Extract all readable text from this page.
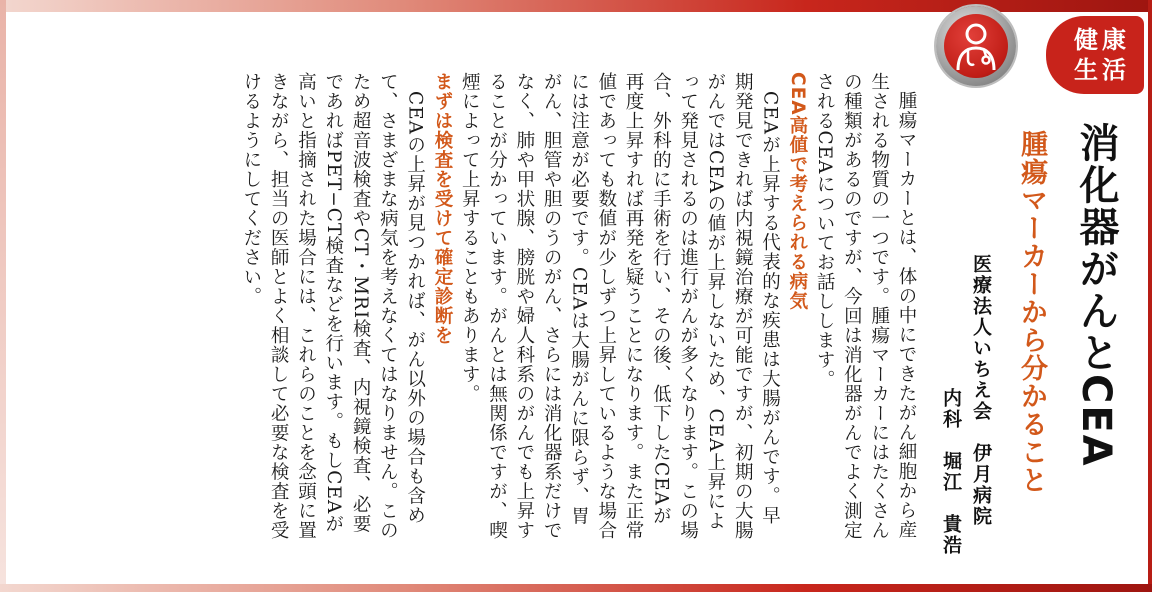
健康
生活
消化器がんとCEA
腫瘍マーカーから分かること
医療法人いちえ会　伊月病院
内科　堀江　貴浩

腫瘍マーカーとは、体の中にできたがん細胞から産生される物質の一つです。腫瘍マーカーにはたくさんの種類があるのですが、今回は消化器がんでよく測定されるCEAについてお話しします。

CEA高値で考えられる病気

CEAが上昇する代表的な疾患は大腸がんです。早期発見できれば内視鏡治療が可能ですが、初期の大腸がんではCEAの値が上昇しないため、CEA上昇によって発見されるのは進行がんが多くなります。この場合、外科的に手術を行い、その後、低下したCEAが再度上昇すれば再発を疑うことになります。また正常値であっても数値が少しずつ上昇しているような場合には注意が必要です。CEAは大腸がんに限らず、胃がん、胆管や胆のうのがん、さらには消化器系だけでなく、肺や甲状腺、膀胱や婦人科系のがんでも上昇することが分かっています。がんとは無関係ですが、喫煙によって上昇することもあります。

まずは検査を受けて確定診断を

CEAの上昇が見つかれば、がん以外の場合も含めて、さまざまな病気を考えなくてはなりません。このため超音波検査やCT・MRI検査、内視鏡検査、必要であればPET−CT検査などを行います。もしCEAが高いと指摘された場合には、これらのことを念頭に置きながら、担当の医師とよく相談して必要な検査を受けるようにしてください。
